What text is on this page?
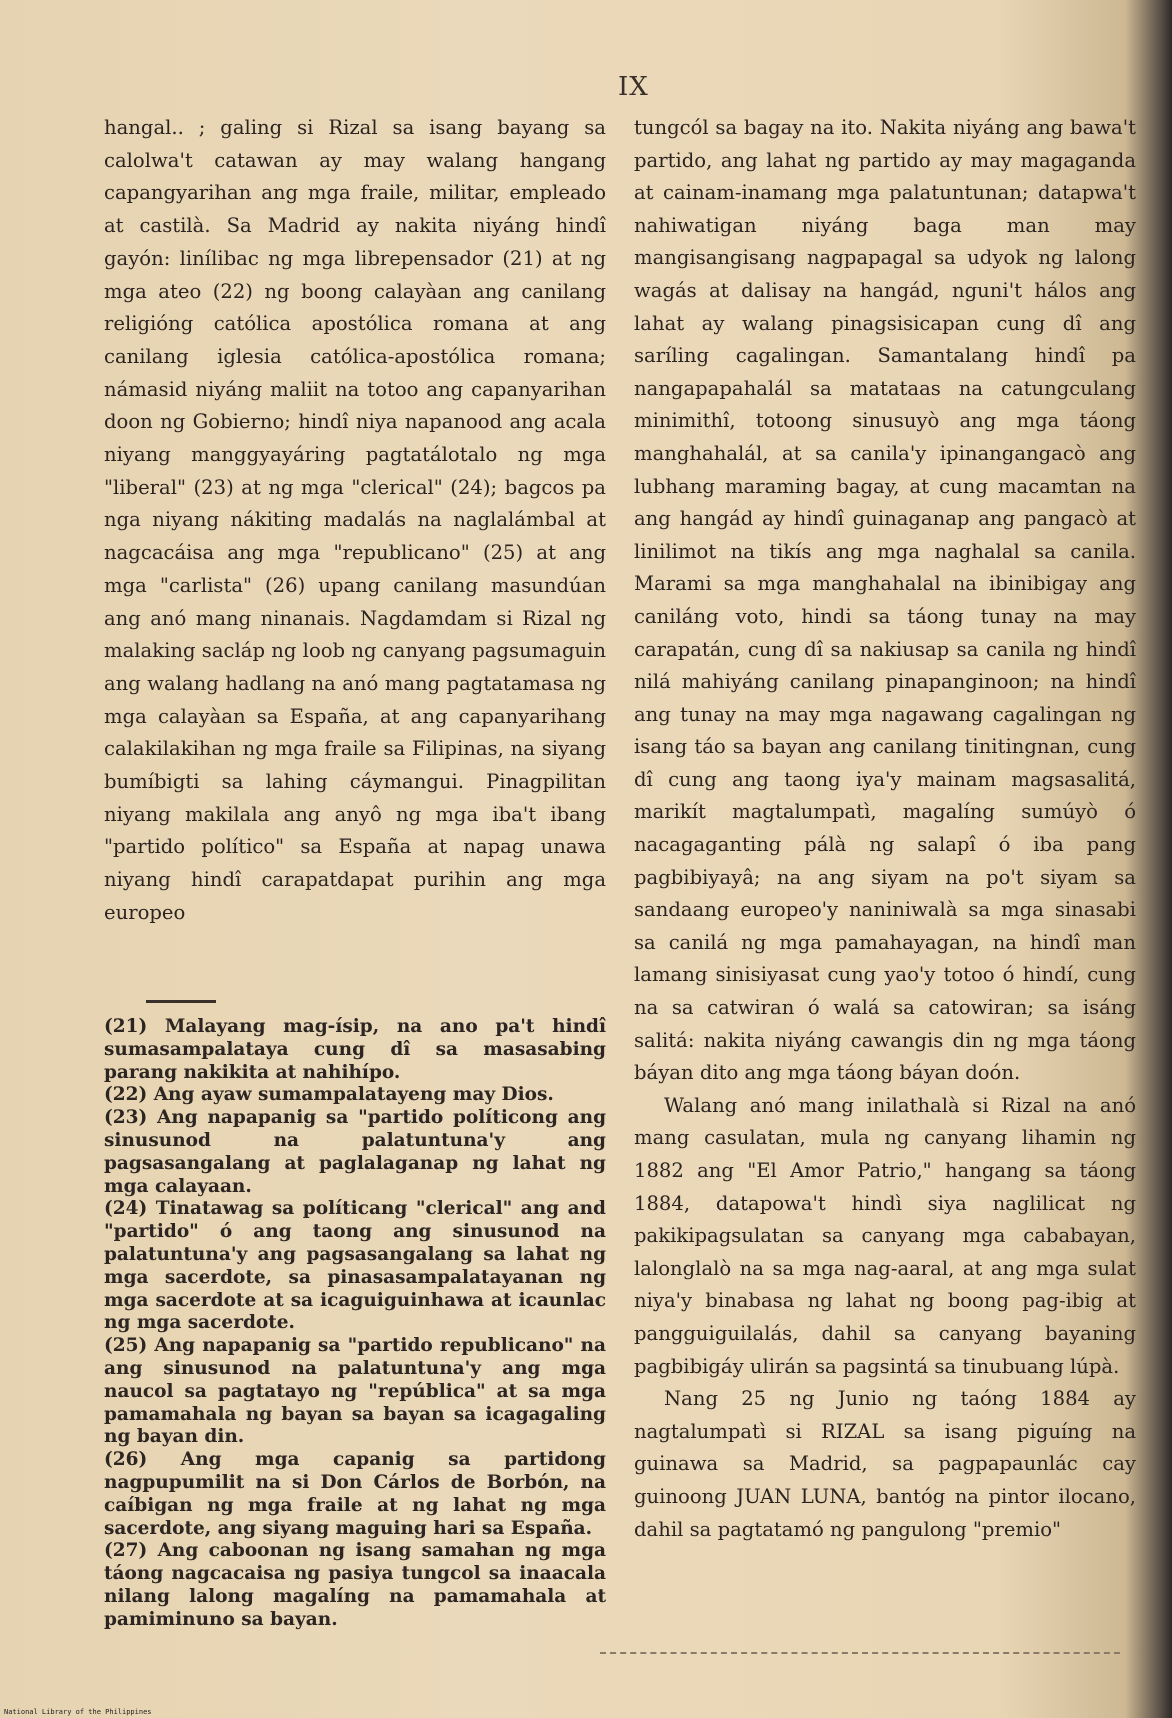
IX
hangal.. ; galing si Rizal sa isang bayang sa calolwa't catawan ay may walang hangang capangyarihan ang mga fraile, militar, empleado at castilà. Sa Madrid ay nakita niyáng hindî gayón: linílibac ng mga librepensador (21) at ng mga ateo (22) ng boong calayàan ang canilang religióng católica apostólica romana at ang canilang iglesia católica-apostólica romana; námasid niyáng maliit na totoo ang capanyarihan doon ng Gobierno; hindî niya napanood ang acala niyang manggyayáring pagtatálotalo ng mga "liberal" (23) at ng mga "clerical" (24); bagcos pa nga niyang nákiting madalás na naglalámbal at nagcacáisa ang mga "republicano" (25) at ang mga "carlista" (26) upang canilang masundúan ang anó mang ninanais. Nagdamdam si Rizal ng malaking sacláp ng loob ng canyang pagsumaguin ang walang hadlang na anó mang pagtatamasa ng mga calayàan sa España, at ang capanyarihang calakilakihan ng mga fraile sa Filipinas, na siyang bumíbigti sa lahing cáymangui. Pinagpilitan niyang makilala ang anyô ng mga iba't ibang "partido político" sa España at napag unawa niyang hindî carapatdapat purihin ang mga europeo

(21) Malayang mag-ísip, na ano pa't hindî sumasampalataya cung dî sa masasabing parang nakikita at nahihípo.

(22) Ang ayaw sumampalatayeng may Dios.

(23) Ang napapanig sa "partido políticong ang sinusunod na palatuntuna'y ang pagsasangalang at paglalaganap ng lahat ng mga calayaan.

(24) Tinatawag sa políticang "clerical" ang and "partido" ó ang taong ang sinusunod na palatuntuna'y ang pagsasangalang sa lahat ng mga sacerdote, sa pinasasampalatayanan ng mga sacerdote at sa icaguiguinhawa at icaunlac ng mga sacerdote.

(25) Ang napapanig sa "partido republicano" na ang sinusunod na palatuntuna'y ang mga naucol sa pagtatayo ng "república" at sa mga pamamahala ng bayan sa bayan sa icagagaling ng bayan din.

(26) Ang mga capanig sa partidong nagpupumilit na si Don Cárlos de Borbón, na caíbigan ng mga fraile at ng lahat ng mga sacerdote, ang siyang maguing hari sa España.

(27) Ang caboonan ng isang samahan ng mga táong nagcacaisa ng pasiya tungcol sa inaacala nilang lalong magalíng na pamamahala at pamiminuno sa bayan.

tungcól sa bagay na ito. Nakita niyáng ang bawa't partido, ang lahat ng partido ay may magaganda at cainam-inamang mga palatuntunan; datapwa't nahiwatigan niyáng baga man may mangisangisang nagpapagal sa udyok ng lalong wagás at dalisay na hangád, nguni't hálos ang lahat ay walang pinagsisicapan cung dî ang saríling cagalingan. Samantalang hindî pa nangapapahalál sa matataas na catungculang minimithî, totoong sinusuyò ang mga táong manghahalál, at sa canila'y ipinangangacò ang lubhang maraming bagay, at cung macamtan na ang hangád ay hindî guinaganap ang pangacò at linilimot na tikís ang mga naghalal sa canila. Marami sa mga manghahalal na ibinibigay ang caniláng voto, hindi sa táong tunay na may carapatán, cung dî sa nakiusap sa canila ng hindî nilá mahiyáng canilang pinapanginoon; na hindî ang tunay na may mga nagawang cagalingan ng isang táo sa bayan ang canilang tinitingnan, cung dî cung ang taong iya'y mainam magsasalitá, marikít magtalumpatì, magalíng sumúyò ó nacagaganting pálà ng salapî ó iba pang pagbibiyayâ; na ang siyam na po't siyam sa sandaang europeo'y naniniwalà sa mga sinasabi sa canilá ng mga pamahayagan, na hindî man lamang sinisiyasat cung yao'y totoo ó hindí, cung na sa catwiran ó walá sa catowiran; sa isáng salitá: nakita niyáng cawangis din ng mga táong báyan dito ang mga táong báyan doón.

Walang anó mang inilathalà si Rizal na anó mang casulatan, mula ng canyang lihamin ng 1882 ang "El Amor Patrio," hangang sa táong 1884, datapowa't hindì siya naglilicat ng pakikipagsulatan sa canyang mga cababayan, lalonglalò na sa mga nag-aaral, at ang mga sulat niya'y binabasa ng lahat ng boong pag-ibig at pangguiguilalás, dahil sa canyang bayaning pagbibigáy ulirán sa pagsintá sa tinubuang lúpà.

Nang 25 ng Junio ng taóng 1884 ay nagtalumpatì si RIZAL sa isang piguíng na guinawa sa Madrid, sa pagpapaunlác cay guinoong JUAN LUNA, bantóg na pintor ilocano, dahil sa pagtatamó ng pangulong "premio"

National Library of the Philippines
